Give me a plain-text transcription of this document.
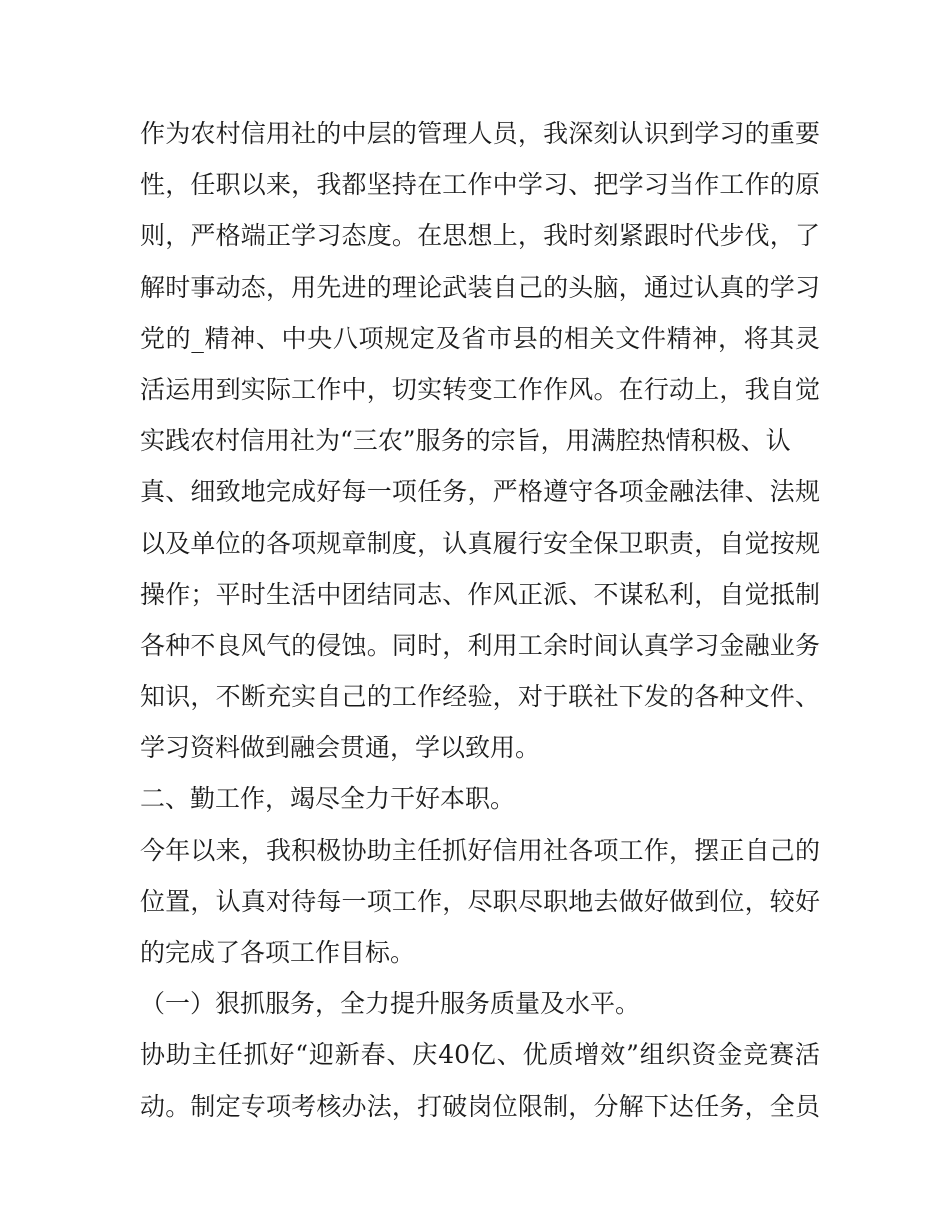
作为农村信用社的中层的管理人员，我深刻认识到学习的重要
性，任职以来，我都坚持在工作中学习、把学习当作工作的原
则，严格端正学习态度。在思想上，我时刻紧跟时代步伐，了
解时事动态，用先进的理论武装自己的头脑，通过认真的学习
党的_精神、中央八项规定及省市县的相关文件精神，将其灵
活运用到实际工作中，切实转变工作作风。在行动上，我自觉
实践农村信用社为“三农”服务的宗旨，用满腔热情积极、认
真、细致地完成好每一项任务，严格遵守各项金融法律、法规
以及单位的各项规章制度，认真履行安全保卫职责，自觉按规
操作；平时生活中团结同志、作风正派、不谋私利，自觉抵制
各种不良风气的侵蚀。同时，利用工余时间认真学习金融业务
知识，不断充实自己的工作经验，对于联社下发的各种文件、
学习资料做到融会贯通，学以致用。
二、勤工作，竭尽全力干好本职。
今年以来，我积极协助主任抓好信用社各项工作，摆正自己的
位置，认真对待每一项工作，尽职尽职地去做好做到位，较好
的完成了各项工作目标。
（一）狠抓服务，全力提升服务质量及水平。
协助主任抓好“迎新春、庆40亿、优质增效”组织资金竞赛活
动。制定专项考核办法，打破岗位限制，分解下达任务，全员
